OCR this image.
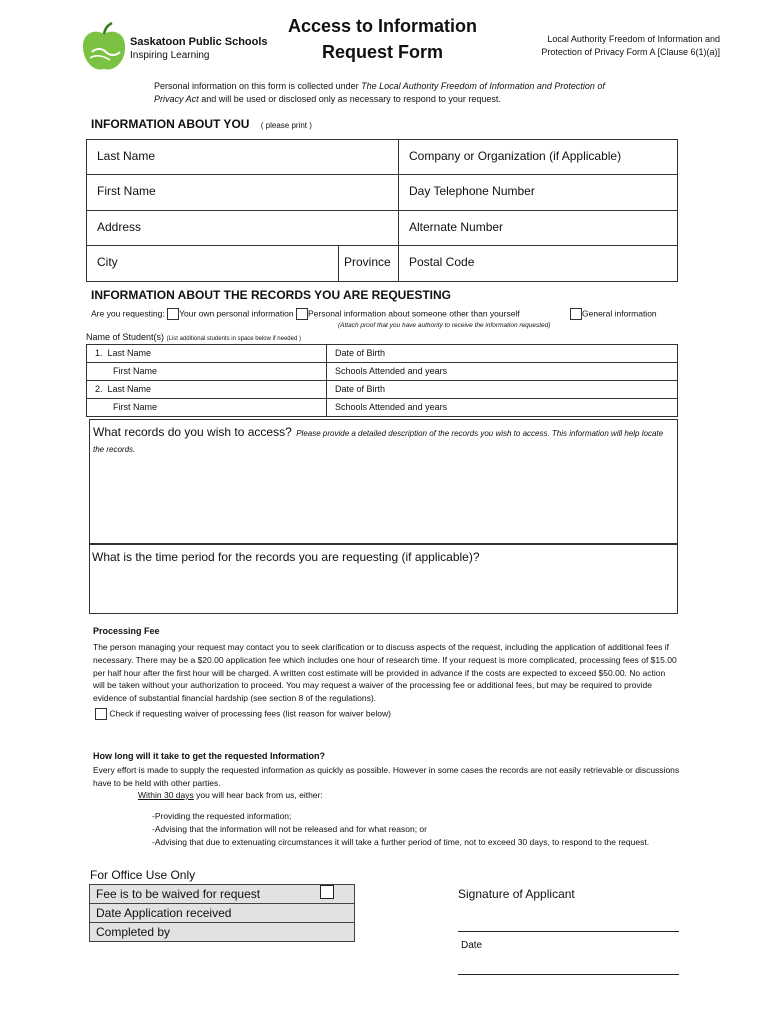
Saskatoon Public Schools
Inspiring Learning
Access to Information
Request Form
Local Authority Freedom of Information and
Protection of Privacy Form A [Clause 6(1)(a)]
Personal information on this form is collected under The Local Authority Freedom of Information and Protection of Privacy Act and will be used or disclosed only as necessary to respond to your request.
INFORMATION ABOUT YOU ( please print )
Last Name		Company or Organization (if Applicable)

First Name		Day Telephone Number

Address		Alternate Number

City	Province	Postal Code
INFORMATION ABOUT THE RECORDS YOU ARE REQUESTING
Are you requesting: Your own personal information Personal information about someone other than yourself	General information
(Attach proof that you have authority to receive the information requested)
Name of Student(s) (List additional students in space below if needed )
1. Last Name	Date of Birth

First Name	Schools Attended and years

2. Last Name	Date of Birth

First Name	Schools Attended and years
What records do you wish to access? Please provide a detailed description of the records you wish to access. This information will help locate the records.
What is the time period for the records you are requesting (if applicable)?
Processing Fee
The person managing your request may contact you to seek clarification or to discuss aspects of the request, including the application of additional fees if necessary. There may be a $20.00 application fee which includes one hour of research time. If your request is more complicated, processing fees of $15.00 per half hour after the first hour will be charged. A written cost estimate will be provided in advance if the costs are expected to exceed $50.00. No action will be taken without your authorization to proceed. You may request a waiver of the processing fee or additional fees, but may be required to provide evidence of substantial financial hardship (see section 8 of the regulations).
Check if requesting waiver of processing fees (list reason for waiver below)
How long will it take to get the requested Information?
Every effort is made to supply the requested information as quickly as possible. However in some cases the records are not easily retrievable or discussions have to be held with other parties.
Within 30 days you will hear back from us, either:
-Providing the requested information;
-Advising that the information will not be released and for what reason; or
-Advising that due to extenuating circumstances it will take a further period of time, not to exceed 30 days, to respond to the request.
For Office Use Only
Fee is to be waived for request
Date Application received
Completed by
Signature of Applicant
Date
